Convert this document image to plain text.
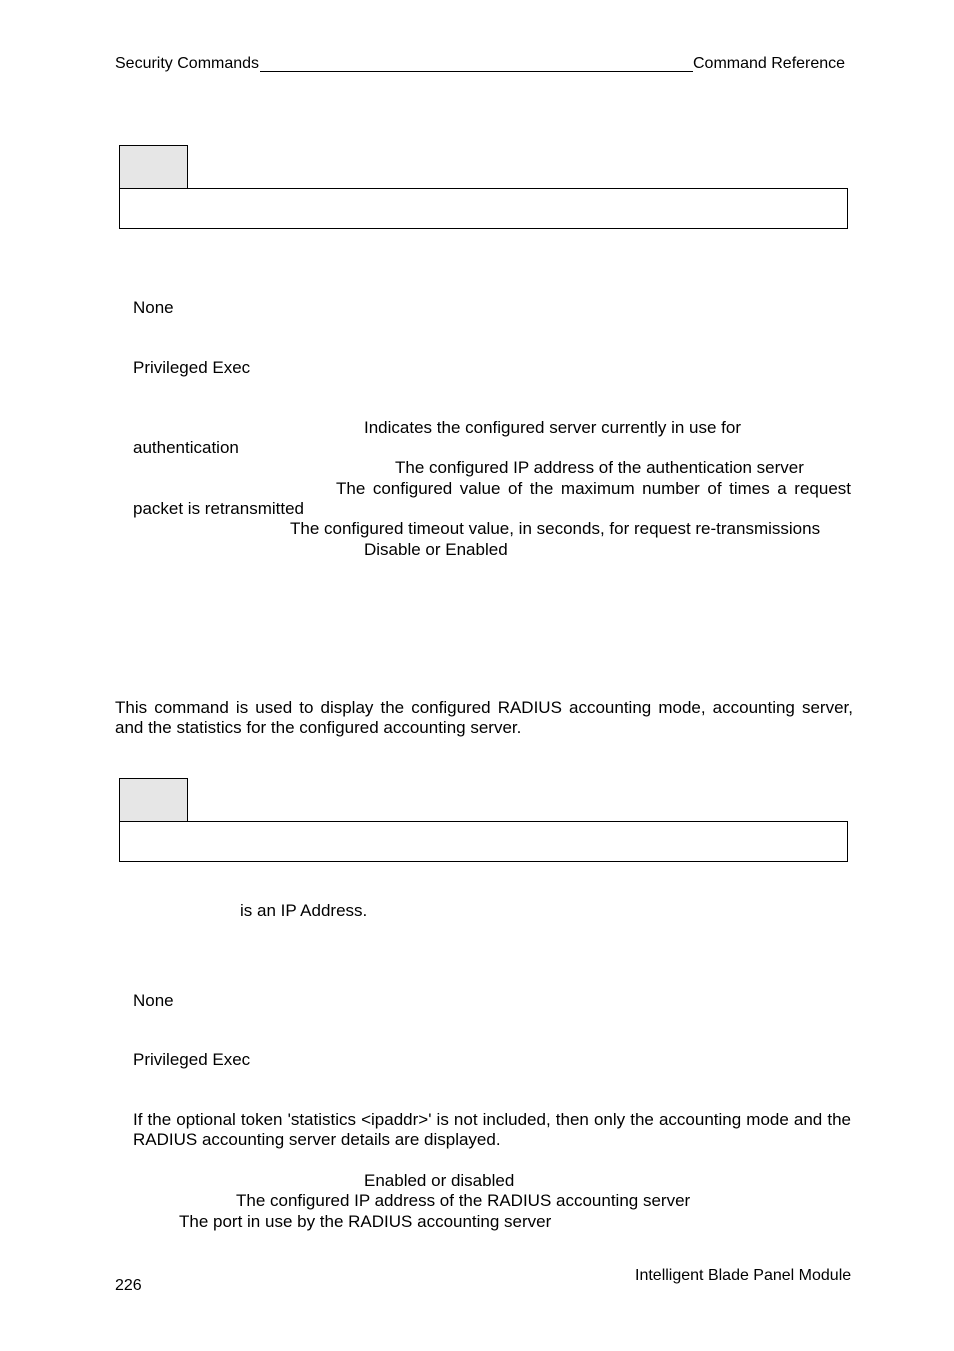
Security Commands	Command Reference
None
Privileged Exec
Indicates the configured server currently in use for
authentication
The configured IP address of the authentication server
The configured value of the maximum number of times a request
packet is retransmitted
The configured timeout value, in seconds, for request re-transmissions
Disable or Enabled
This command is used to display the configured RADIUS accounting mode, accounting server, and the statistics for the configured accounting server.
is an IP Address.
None
Privileged Exec
If the optional token 'statistics <ipaddr>' is not included, then only the accounting mode and the RADIUS accounting server details are displayed.
Enabled or disabled
The configured IP address of the RADIUS accounting server
The port in use by the RADIUS accounting server
226
Intelligent Blade Panel Module
